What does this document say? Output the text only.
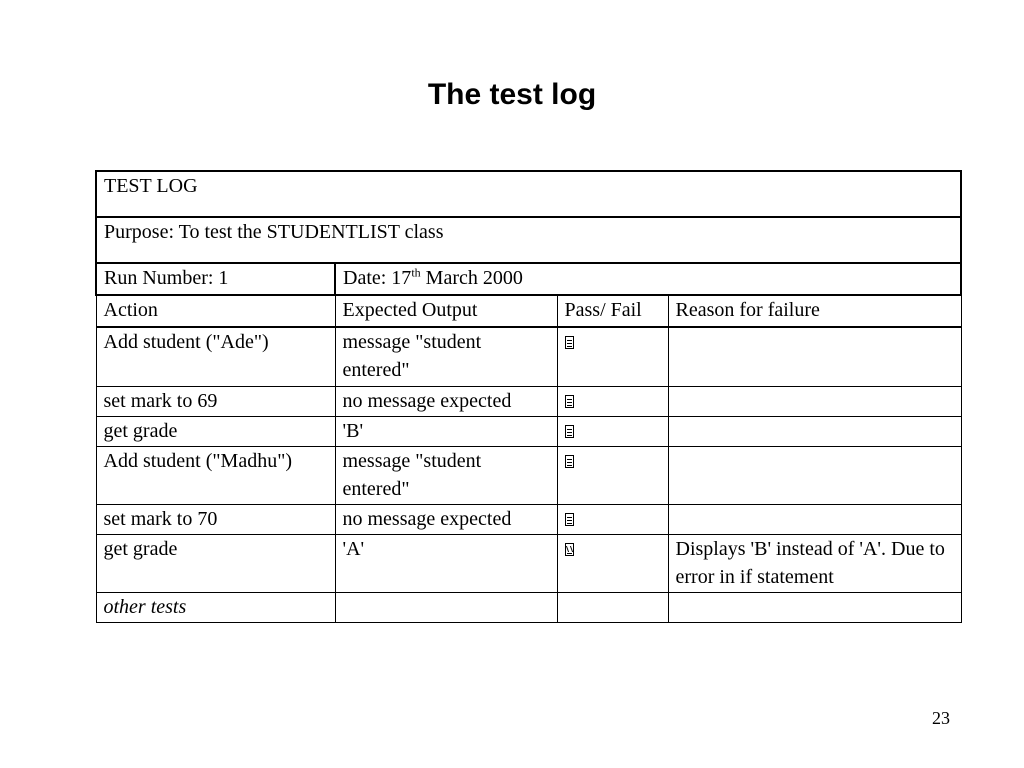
The test log
TEST LOG			
Purpose: To test the STUDENTLIST class			
Run Number: 1	Date: 17th March 2000		
Action	Expected Output	Pass/ Fail	Reason for failure
Add student ("Ade")	message "student entered"		
set mark to 69	no message expected		
get grade	'B'		
Add student ("Madhu")	message "student entered"		
set mark to 70	no message expected		
get grade	'A'		Displays 'B' instead of 'A'. Due to error in if statement
other tests			
23
